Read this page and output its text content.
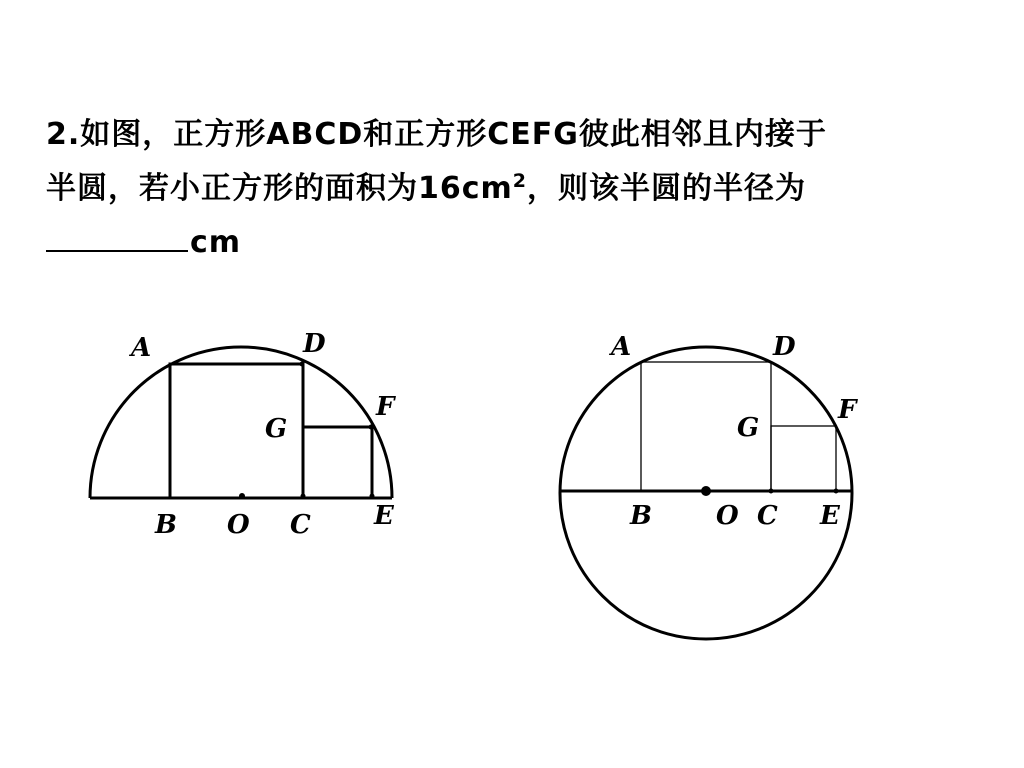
2.如图，正方形ABCD和正方形CEFG彼此相邻且内接于
半圆，若小正方形的面积为$16cm^2$，则该半圆的半径为
cm
A	D
F
G
B O C E
A	D
F
G
B O C E
